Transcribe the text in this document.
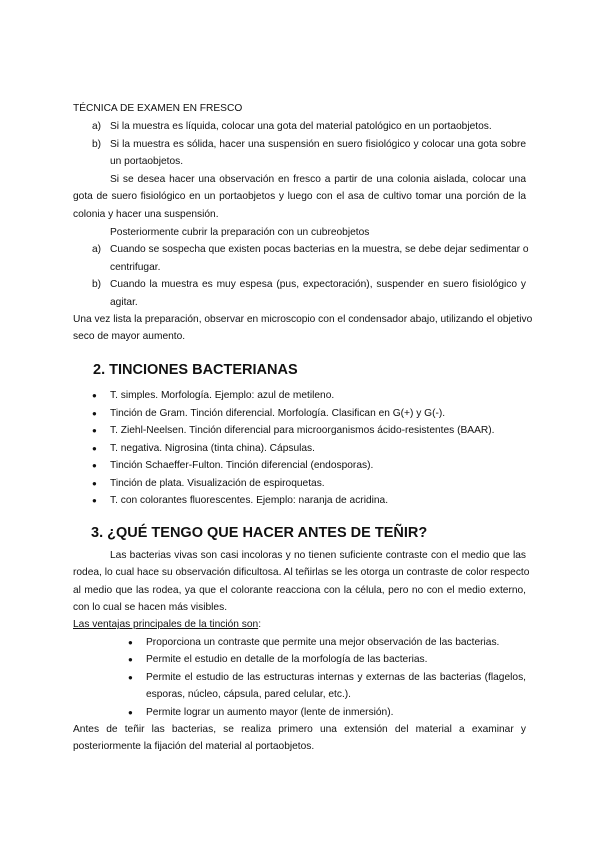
TÉCNICA DE EXAMEN EN FRESCO
a) Si la muestra es líquida, colocar una gota del material patológico en un portaobjetos.
b) Si la muestra es sólida, hacer una suspensión en suero fisiológico y colocar una gota sobre
un portaobjetos.
Si se desea hacer una observación en fresco a partir de una colonia aislada, colocar una
gota de suero fisiológico en un portaobjetos y luego con el asa de cultivo tomar una porción de la
colonia y hacer una suspensión.
Posteriormente cubrir la preparación con un cubreobjetos
a) Cuando se sospecha que existen pocas bacterias en la muestra, se debe dejar sedimentar o
centrifugar.
b) Cuando la muestra es muy espesa (pus, expectoración), suspender en suero fisiológico y
agitar.
Una vez lista la preparación, observar en microscopio con el condensador abajo, utilizando el objetivo
seco de mayor aumento.
2. TINCIONES BACTERIANAS
● T. simples. Morfología. Ejemplo: azul de metileno.
● Tinción de Gram. Tinción diferencial. Morfología. Clasifican en G(+) y G(-).
● T. Ziehl-Neelsen. Tinción diferencial para microorganismos ácido-resistentes (BAAR).
● T. negativa. Nigrosina (tinta china). Cápsulas.
● Tinción Schaeffer-Fulton. Tinción diferencial (endosporas).
● Tinción de plata. Visualización de espiroquetas.
● T. con colorantes fluorescentes. Ejemplo: naranja de acridina.
3. ¿QUÉ TENGO QUE HACER ANTES DE TEÑIR?
Las bacterias vivas son casi incoloras y no tienen suficiente contraste con el medio que las
rodea, lo cual hace su observación dificultosa. Al teñirlas se les otorga un contraste de color respecto
al medio que las rodea, ya que el colorante reacciona con la célula, pero no con el medio externo,
con lo cual se hacen más visibles.
Las ventajas principales de la tinción son:
● Proporciona un contraste que permite una mejor observación de las bacterias.
● Permite el estudio en detalle de la morfología de las bacterias.
● Permite el estudio de las estructuras internas y externas de las bacterias (flagelos,
esporas, núcleo, cápsula, pared celular, etc.).
● Permite lograr un aumento mayor (lente de inmersión).
Antes de teñir las bacterias, se realiza primero una extensión del material a examinar y
posteriormente la fijación del material al portaobjetos.
